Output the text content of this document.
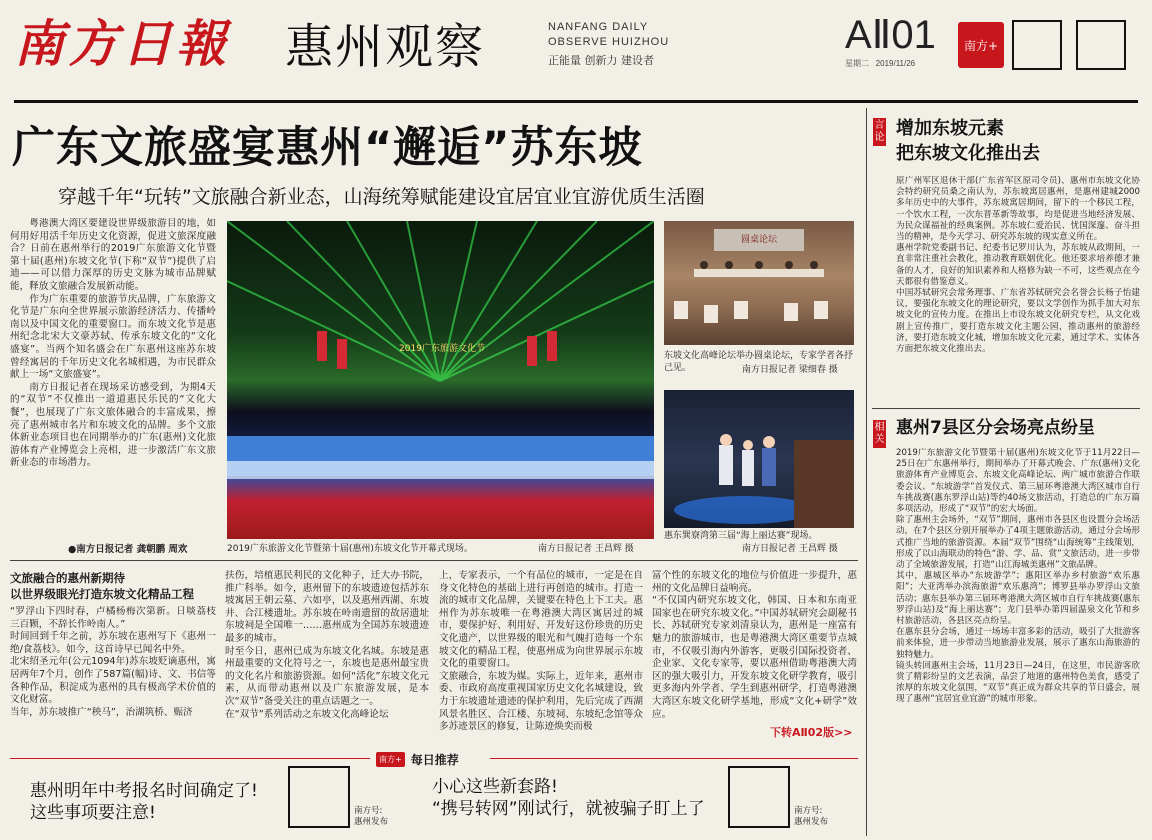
南方日報 惠州观察	NANFANG DAILY
OBSERVE HUIZHOU
正能量 创新力 建设者
AⅡ01
星期二 2019/11/26
南方+
广东文旅盛宴惠州“邂逅”苏东坡
穿越千年“玩转”文旅融合新业态，山海统筹赋能建设宜居宜业宜游优质生活圈

粤港澳大湾区要建设世界级旅游目的地，如何用好用活千年历史文化资源，促进文旅深度融合？日前在惠州举行的2019广东旅游文化节暨第十届(惠州)东坡文化节(下称“双节”)提供了启迪——可以借力深厚的历史文脉为城市品牌赋能，释放文旅融合发展新动能。

作为广东重要的旅游节庆品牌，广东旅游文化节是广东向全世界展示旅游经济活力、传播岭南以及中国文化的重要窗口。而东坡文化节是惠州纪念北宋大文豪苏轼、传承东坡文化的“文化盛宴”。当两个知名盛会在广东惠州这座苏东坡曾经寓居的千年历史文化名城相遇，为市民群众献上一场“文旅盛宴”。

南方日报记者在现场采访感受到，为期4天的“双节”不仅推出一道道惠民乐民的“文化大餐”，也展现了广东文旅体融合的丰富成果，擦亮了惠州城市名片和东坡文化的品牌。多个文旅体新业态项目也在同期举办的广东(惠州)文化旅游体育产业博览会上亮相，进一步激活广东文旅新业态的市场潜力。

●南方日报记者 龚朝鹏 周欢
2019广东旅游文化节
2019广东旅游文化节暨第十届(惠州)东坡文化节开幕式现场。	南方日报记者 王昌辉 摄
圆桌论坛
东坡文化高峰论坛举办圆桌论坛，专家学者各抒己见。	南方日报记者 梁细春 摄
惠东巽寮湾第三届“海上丽达赛”现场。
南方日报记者 王昌辉 摄
文旅融合的惠州新期待
以世界级眼光打造东坡文化精品工程
“罗浮山下四时春，卢橘杨梅次第新。日啖荔枝三百颗，不辞长作岭南人。”
时间回到千年之前，苏东坡在惠州写下《惠州一绝/食荔枝》。如今，这首诗早已闻名中外。
北宋绍圣元年(公元1094年)苏东坡贬谪惠州，寓居两年7个月，创作了587篇(幅)诗、文、书信等各种作品，积淀成为惠州的具有极高学术价值的文化财富。
当年，苏东坡推广“秧马”，治湖筑桥、赈济
扶伤，培植惠民利民的文化种子，迁大办书院，推广科举。如今，惠州留下的东坡遗迹包括苏东坡寓居王朝云墓、六如亭，以及惠州西湖、东坡井、合江楼遗址。苏东坡在岭南遗留的故居遗址东坡祠是全国唯一……惠州成为全国苏东坡遗迹最多的城市。
时至今日，惠州已成为东坡文化名城。东坡是惠州最重要的文化符号之一，东坡也是惠州最宝贵的文化名片和旅游资源。如何“活化”东坡文化元素，从而带动惠州以及广东旅游发展，是本次“双节”备受关注的重点话题之一。
在“双节”系列活动之东坡文化高峰论坛
上，专家表示，一个有品位的城市，一定是在自身文化特色的基础上进行再创造的城市。打造一流的城市文化品牌，关键要在特色上下工夫。惠州作为苏东坡唯一在粤港澳大湾区寓居过的城市，要保护好、利用好、开发好这份珍贵的历史文化遗产，以世界级的眼光和气魄打造每一个东坡文化的精品工程，使惠州成为向世界展示东坡文化的重要窗口。
文旅融合，东坡为媒。实际上，近年来，惠州市委、市政府高度重视国家历史文化名城建设，致力于东坡遗址遗迹的保护利用，先后完成了西湖风景名胜区、合江楼、东坡祠、东坡纪念馆等众多苏迹景区的修复，让陈迹焕奕而极
富个性的东坡文化的地位与价值进一步提升，惠州的文化品牌日益响亮。
“不仅国内研究东坡文化，韩国、日本和东南亚国家也在研究东坡文化。”中国苏轼研究会副秘书长、苏轼研究专家刘清泉认为，惠州是一座富有魅力的旅游城市，也是粤港澳大湾区重要节点城市，不仅吸引海内外游客，更吸引国际投资者、企业家、文化专家等，要以惠州借助粤港澳大湾区的强大吸引力，开发东坡文化研学教育，吸引更多海内外学者、学生到惠州研学，打造粤港澳大湾区东坡文化研学基地，形成“文化+研学”效应。
下转AⅡ02版>>
南方+ 每日推荐
惠州明年中考报名时间确定了!
这些事项要注意!	南方号:
惠州发布
小心这些新套路!
“携号转网”刚试行，就被骗子盯上了	南方号:
惠州发布
言论 增加东坡元素
把东坡文化推出去
原广州军区退休干部(广东省军区原司令员)、惠州市东坡文化协会特约研究员桑之南认为，苏东坡寓居惠州，是惠州建城2000多年历史中的大事件，苏东坡寓居期间，留下的一个移民工程，一个饮水工程，一次东晋革新等故事，均是促进当地经济发展、为民众谋福祉的经典案例。苏东坡仁爱治民、忧国深邃、奋斗担当的精神，是今天学习、研究苏东坡的现实意义所在。
惠州学院党委副书记、纪委书记罗川认为，苏东坡从政期间，一直非常注重社会教化，推动教育联姻优化。他还要求培养德才兼备的人才，良好的知识素养和人格修为缺一不可，这些观点在今天都很有借鉴意义。
中国苏轼研究会常务理事、广东省苏轼研究会名誉会长杨子怡建议，要强化东坡文化的理论研究，要以文学创作为抓手加大对东坡文化的宣传力度。在推出上市设东坡文化研究专栏，从文化戏剧上宣传推广，要打造东坡文化主题公园，推动惠州的旅游经济，要打造东坡文化城，增加东坡文化元素，通过学术、实体各方面把东坡文化推出去。
相关
惠州7县区分会场亮点纷呈
2019广东旅游文化节暨第十届(惠州)东坡文化节于11月22日—25日在广东惠州举行，期间举办了开幕式晚会、广东(惠州)文化旅游体育产业博览会、东坡文化高峰论坛、两广城市旅游合作联委会议、“东坡游学”首发仪式、第三届环粤港澳大湾区城市自行车挑战赛(惠东罗浮山站)等约40场文旅活动，打造总的广东万篇多项活动，形成了“双节”的宏大场面。
除了惠州主会场外，“双节”期间，惠州市各县区也设置分会场活动，在7个县区分别开展举办了4项主题旅游活动，通过分会场形式推广当地的旅游资源。本届“双节”围绕“山海统筹”主线策划，形成了以山海联动的特色“游、学、品、赏”文旅活动，进一步带动了全域旅游发展，打造“山江海城美惠州”文旅品牌。
其中，惠城区举办“东坡游学”；惠阳区举办乡村旅游“欢乐惠阳”；大亚湾举办滨海旅游“欢乐惠湾”；博罗县举办罗浮山文旅活动；惠东县举办第三届环粤港澳大湾区城市自行车挑战赛(惠东罗浮山站)及“海上丽达赛”；龙门县举办第四届温泉文化节和乡村旅游活动，各县区亮点纷呈。
在惠东县分会场，通过一场场丰富多彩的活动，吸引了大批游客前来体验，进一步带动当地旅游业发展，展示了惠东山海旅游的独特魅力。
镜头转回惠州主会场，11月23日—24日，在这里，市民游客欣赏了精彩纷呈的文艺表演，品尝了地道的惠州特色美食，感受了浓厚的东坡文化氛围，“双节”真正成为群众共享的节日盛会，展现了惠州“宜居宜业宜游”的城市形象。
